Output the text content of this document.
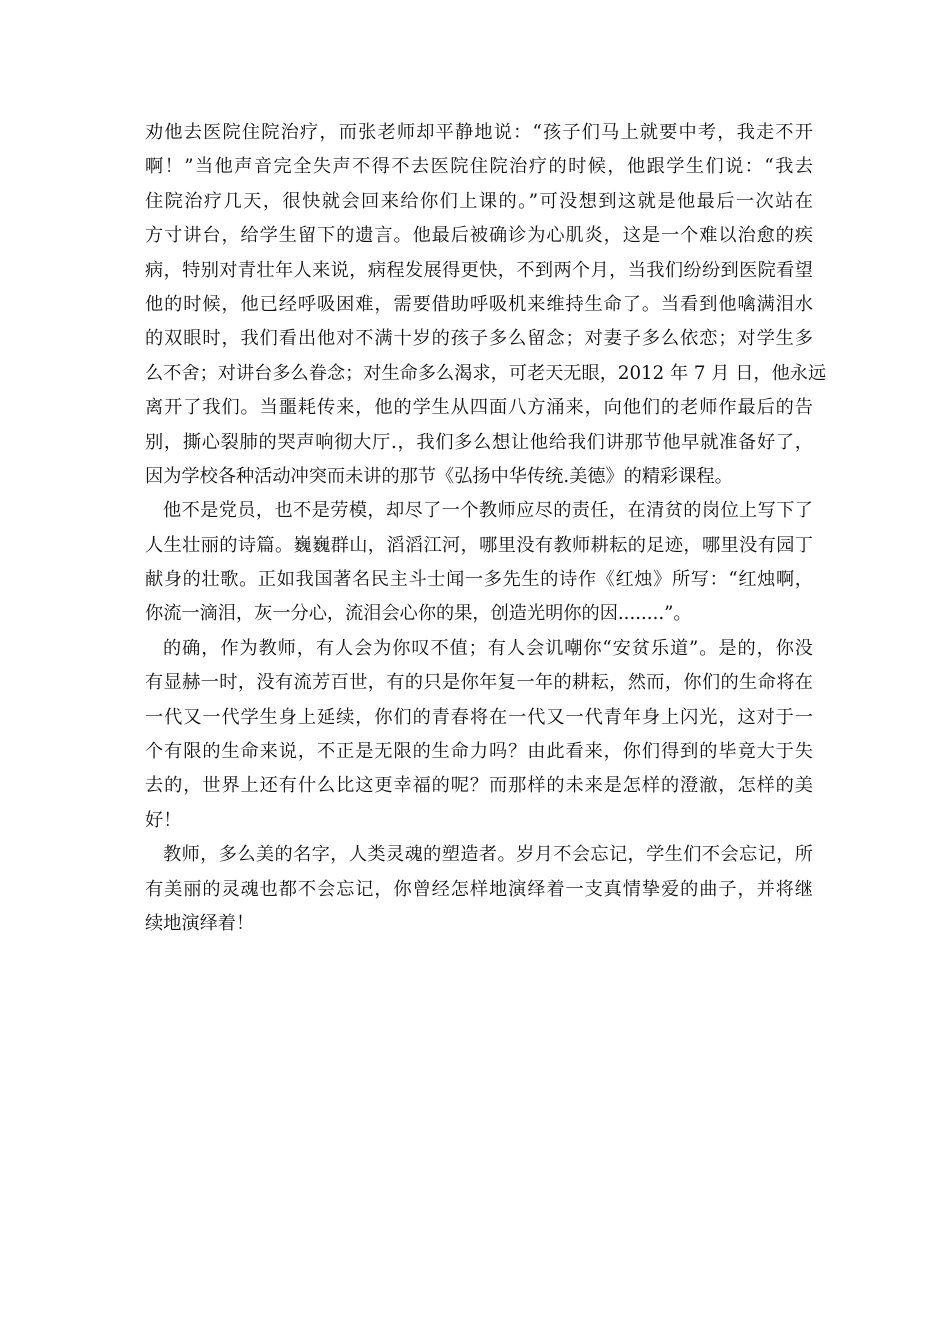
劝他去医院住院治疗，而张老师却平静地说：“孩子们马上就要中考，我走不开
啊！”当他声音完全失声不得不去医院住院治疗的时候，他跟学生们说：“我去
住院治疗几天，很快就会回来给你们上课的。”可没想到这就是他最后一次站在
方寸讲台，给学生留下的遗言。他最后被确诊为心肌炎，这是一个难以治愈的疾
病，特别对青壮年人来说，病程发展得更快，不到两个月，当我们纷纷到医院看望
他的时候，他已经呼吸困难，需要借助呼吸机来维持生命了。当看到他噙满泪水
的双眼时，我们看出他对不满十岁的孩子多么留念；对妻子多么依恋；对学生多
么不舍；对讲台多么眷念；对生命多么渴求，可老天无眼，2012 年 7 月 日，他永远
离开了我们。当噩耗传来，他的学生从四面八方涌来，向他们的老师作最后的告
别，撕心裂肺的哭声响彻大厅.，我们多么想让他给我们讲那节他早就准备好了，
因为学校各种活动冲突而未讲的那节《弘扬中华传统.美德》的精彩课程。
他不是党员，也不是劳模，却尽了一个教师应尽的责任，在清贫的岗位上写下了
人生壮丽的诗篇。巍巍群山，滔滔江河，哪里没有教师耕耘的足迹，哪里没有园丁
献身的壮歌。正如我国著名民主斗士闻一多先生的诗作《红烛》所写：“红烛啊，
你流一滴泪，灰一分心，流泪会心你的果，创造光明你的因........”。
的确，作为教师，有人会为你叹不值；有人会讥嘲你“安贫乐道”。是的，你没
有显赫一时，没有流芳百世，有的只是你年复一年的耕耘，然而，你们的生命将在
一代又一代学生身上延续，你们的青春将在一代又一代青年身上闪光，这对于一
个有限的生命来说，不正是无限的生命力吗？由此看来，你们得到的毕竟大于失
去的，世界上还有什么比这更幸福的呢？而那样的未来是怎样的澄澈，怎样的美
好！
教师，多么美的名字，人类灵魂的塑造者。岁月不会忘记，学生们不会忘记，所
有美丽的灵魂也都不会忘记，你曾经怎样地演绎着一支真情挚爱的曲子，并将继
续地演绎着！
